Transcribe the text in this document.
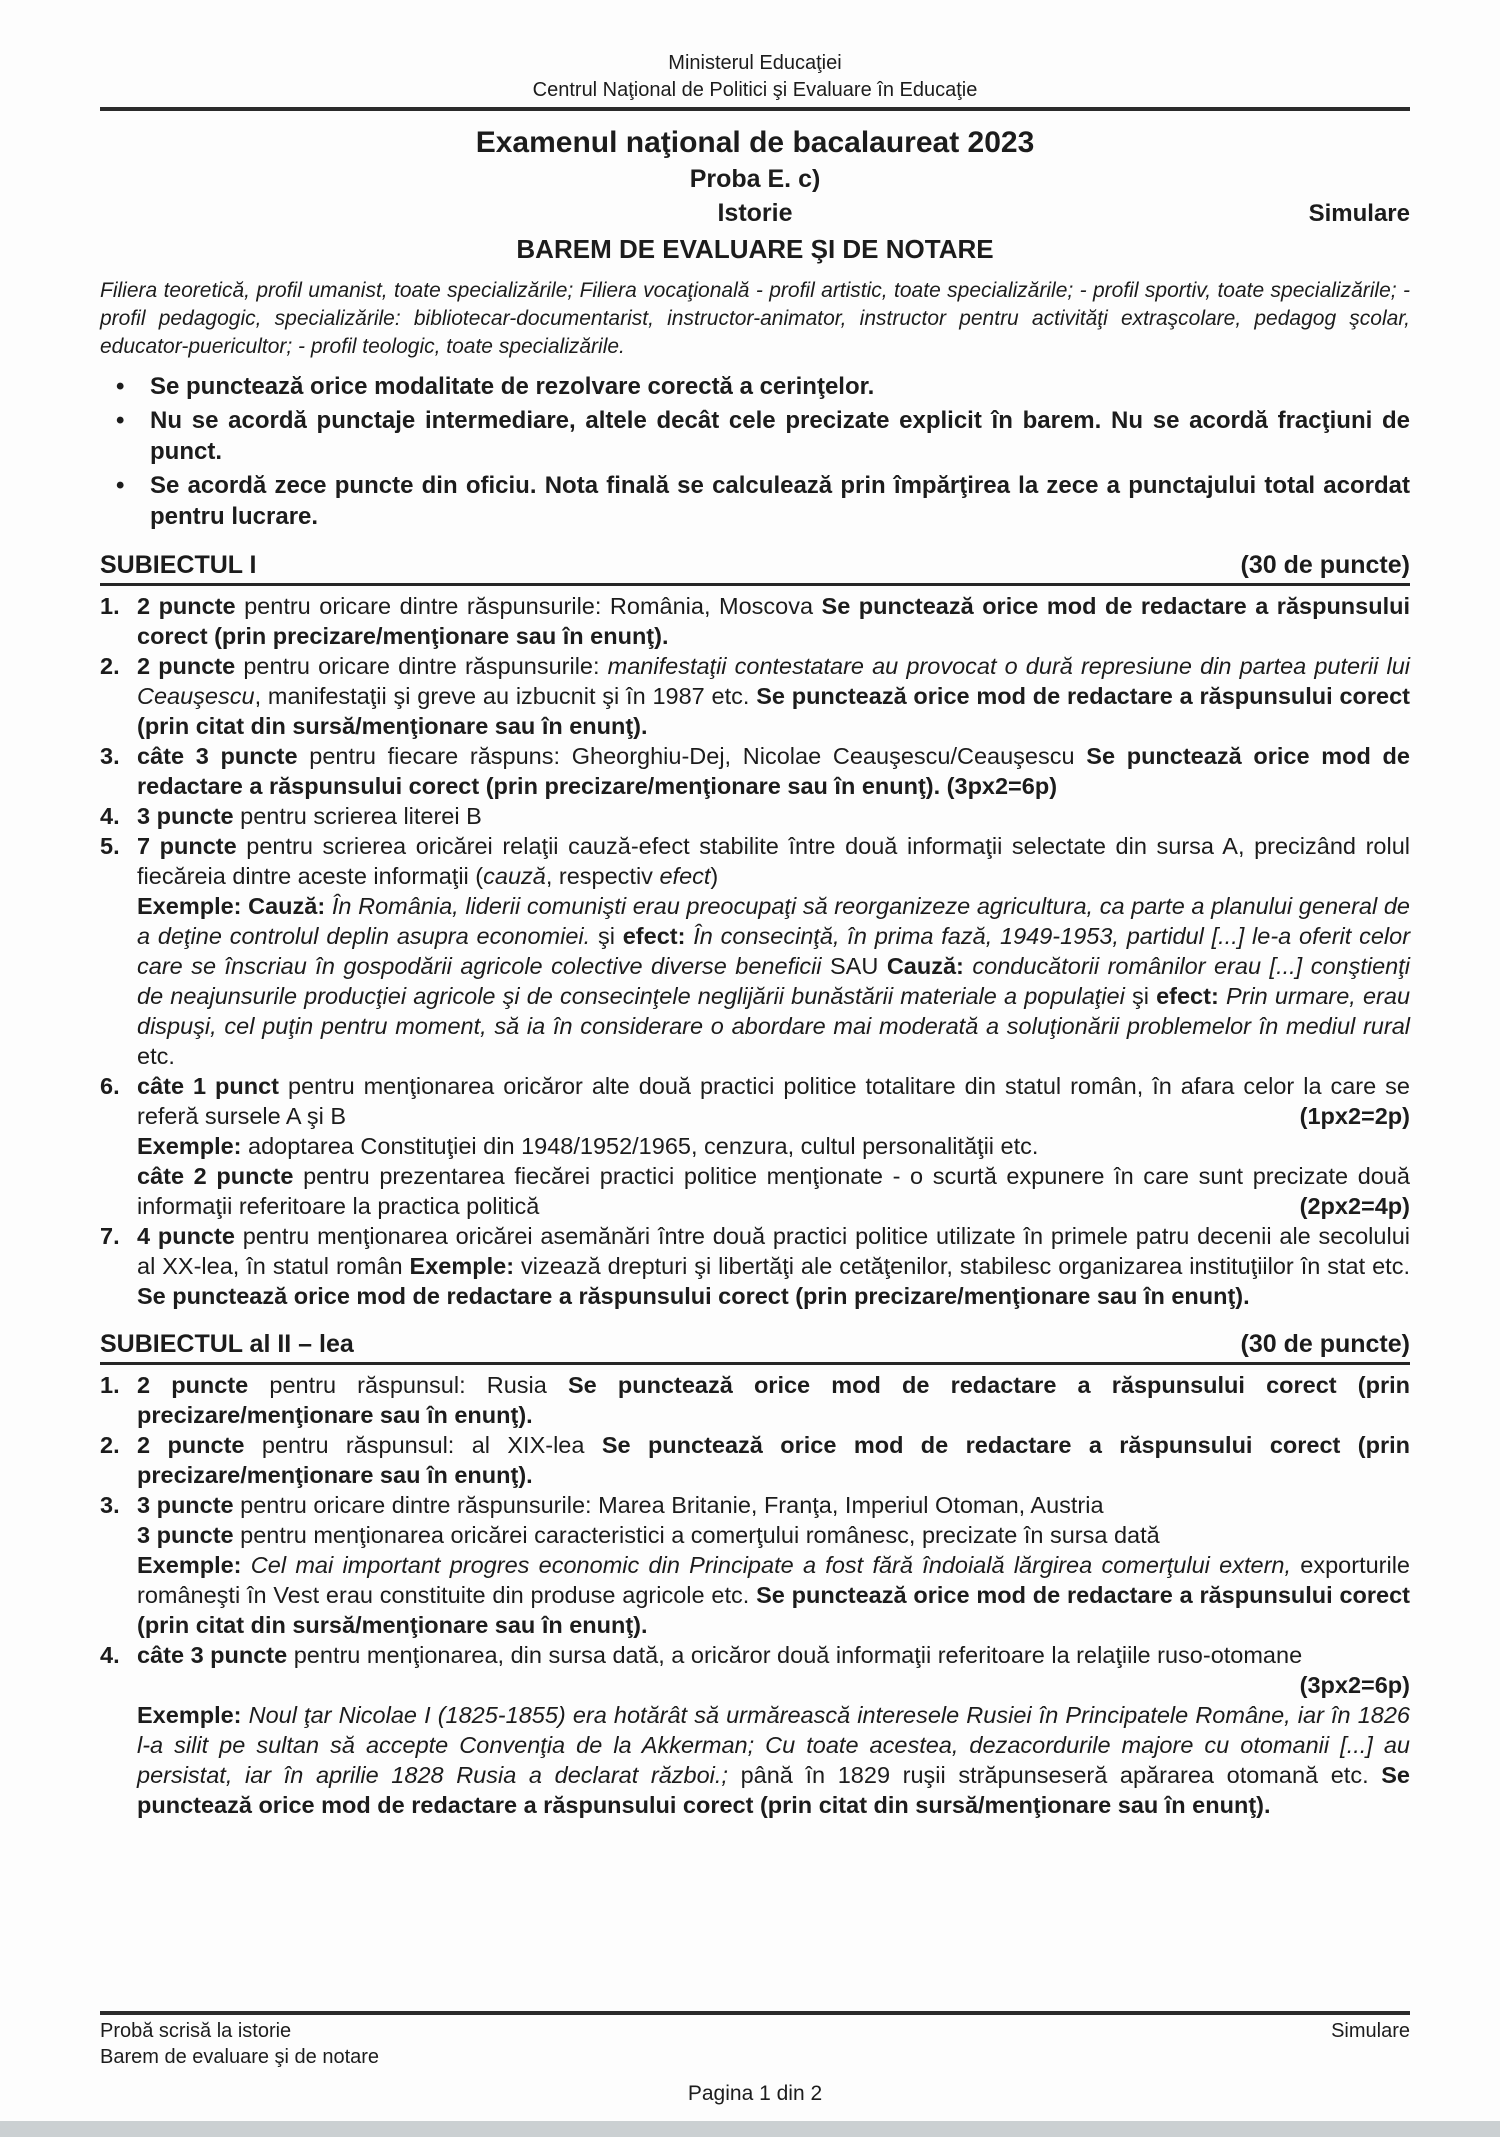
Ministerul Educaţiei
Centrul Naţional de Politici şi Evaluare în Educaţie
Examenul naţional de bacalaureat 2023
Proba E. c)
Istorie	Simulare
BAREM DE EVALUARE ŞI DE NOTARE

Filiera teoretică, profil umanist, toate specializările; Filiera vocaţională - profil artistic, toate specializările; - profil sportiv, toate specializările; - profil pedagogic, specializările: bibliotecar-documentarist, instructor-animator, instructor pentru activităţi extraşcolare, pedagog şcolar, educator-puericultor; - profil teologic, toate specializările.

• Se punctează orice modalitate de rezolvare corectă a cerinţelor.
• Nu se acordă punctaje intermediare, altele decât cele precizate explicit în barem. Nu se acordă fracţiuni de punct.
• Se acordă zece puncte din oficiu. Nota finală se calculează prin împărţirea la zece a punctajului total acordat pentru lucrare.
SUBIECTUL I	(30 de puncte)
1. 2 puncte pentru oricare dintre răspunsurile: România, Moscova Se punctează orice mod de redactare a răspunsului corect (prin precizare/menţionare sau în enunţ).

2. 2 puncte pentru oricare dintre răspunsurile: manifestaţii contestatare au provocat o dură represiune din partea puterii lui Ceauşescu, manifestaţii şi greve au izbucnit şi în 1987 etc. Se punctează orice mod de redactare a răspunsului corect (prin citat din sursă/menţionare sau în enunţ).

3. câte 3 puncte pentru fiecare răspuns: Gheorghiu-Dej, Nicolae Ceauşescu/Ceauşescu Se punctează orice mod de redactare a răspunsului corect (prin precizare/menţionare sau în enunţ). (3px2=6p)

4. 3 puncte pentru scrierea literei B

5. 7 puncte pentru scrierea oricărei relaţii cauză-efect stabilite între două informaţii selectate din sursa A, precizând rolul fiecăreia dintre aceste informaţii (cauză, respectiv efect)

Exemple: Cauză: În România, liderii comunişti erau preocupaţi să reorganizeze agricultura, ca parte a planului general de a deţine controlul deplin asupra economiei. şi efect: În consecinţă, în prima fază, 1949-1953, partidul [...] le-a oferit celor care se înscriau în gospodării agricole colective diverse beneficii SAU Cauză: conducătorii românilor erau [...] conştienţi de neajunsurile producţiei agricole şi de consecinţele neglijării bunăstării materiale a populaţiei şi efect: Prin urmare, erau dispuşi, cel puţin pentru moment, să ia în considerare o abordare mai moderată a soluţionării problemelor în mediul rural etc.

6. câte 1 punct pentru menţionarea oricăror alte două practici politice totalitare din statul român, în afara celor la care se referă sursele A şi B	(1px2=2p)

Exemple: adoptarea Constituţiei din 1948/1952/1965, cenzura, cultul personalităţii etc.

câte 2 puncte pentru prezentarea fiecărei practici politice menţionate - o scurtă expunere în care sunt precizate două informaţii referitoare la practica politică	(2px2=4p)

7. 4 puncte pentru menţionarea oricărei asemănări între două practici politice utilizate în primele patru decenii ale secolului al XX-lea, în statul român Exemple: vizează drepturi şi libertăţi ale cetăţenilor, stabilesc organizarea instituţiilor în stat etc. Se punctează orice mod de redactare a răspunsului corect (prin precizare/menţionare sau în enunţ).

SUBIECTUL al II – lea	(30 de puncte)
1. 2 puncte pentru răspunsul: Rusia Se punctează orice mod de redactare a răspunsului corect (prin precizare/menţionare sau în enunţ).

2. 2 puncte pentru răspunsul: al XIX-lea Se punctează orice mod de redactare a răspunsului corect (prin precizare/menţionare sau în enunţ).

3. 3 puncte pentru oricare dintre răspunsurile: Marea Britanie, Franţa, Imperiul Otoman, Austria

3 puncte pentru menţionarea oricărei caracteristici a comerţului românesc, precizate în sursa dată

Exemple: Cel mai important progres economic din Principate a fost fără îndoială lărgirea comerţului extern, exporturile româneşti în Vest erau constituite din produse agricole etc. Se punctează orice mod de redactare a răspunsului corect (prin citat din sursă/menţionare sau în enunţ).

4. câte 3 puncte pentru menţionarea, din sursa dată, a oricăror două informaţii referitoare la relaţiile ruso-otomane
(3px2=6p)

Exemple: Noul ţar Nicolae I (1825-1855) era hotărât să urmărească interesele Rusiei în Principatele Române, iar în 1826 l-a silit pe sultan să accepte Convenţia de la Akkerman; Cu toate acestea, dezacordurile majore cu otomanii [...] au persistat, iar în aprilie 1828 Rusia a declarat război.; până în 1829 ruşii străpunseseră apărarea otomană etc. Se punctează orice mod de redactare a răspunsului corect (prin citat din sursă/menţionare sau în enunţ).

Probă scrisă la istorie	Simulare
Barem de evaluare şi de notare
Pagina 1 din 2
